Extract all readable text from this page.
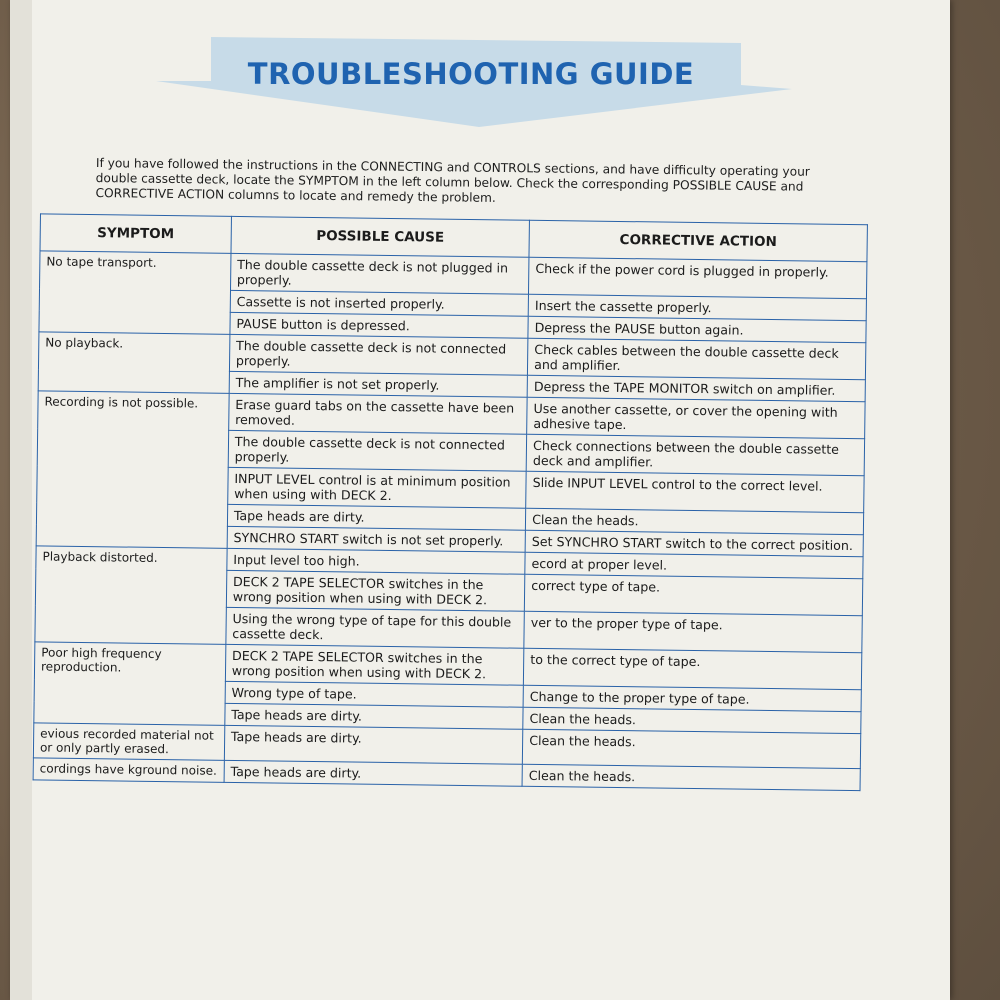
TROUBLESHOOTING GUIDE
If you have followed the instructions in the CONNECTING and CONTROLS sections, and have difficulty operating your double cassette deck, locate the SYMPTOM in the left column below. Check the corresponding POSSIBLE CAUSE and CORRECTIVE ACTION columns to locate and remedy the problem.
SYMPTOM	POSSIBLE CAUSE	CORRECTIVE ACTION
No tape transport.	The double cassette deck is not plugged in properly.	Check if the power cord is plugged in properly.
	Cassette is not inserted properly.	Insert the cassette properly.
	PAUSE button is depressed.	Depress the PAUSE button again.
No playback.	The double cassette deck is not connected properly.	Check cables between the double cassette deck and amplifier.
	The amplifier is not set properly.	Depress the TAPE MONITOR switch on amplifier.
Recording is not possible.	Erase guard tabs on the cassette have been removed.	Use another cassette, or cover the opening with adhesive tape.
	The double cassette deck is not connected properly.	Check connections between the double cassette deck and amplifier.
	INPUT LEVEL control is at minimum position when using with DECK 2.	Slide INPUT LEVEL control to the correct level.
	Tape heads are dirty.	Clean the heads.
	SYNCHRO START switch is not set properly.	Set SYNCHRO START switch to the correct position.
Playback distorted.	Input level too high.	ecord at proper level.
	DECK 2 TAPE SELECTOR switches in the wrong position when using with DECK 2.	correct type of tape.
	Using the wrong type of tape for this double cassette deck.	ver to the proper type of tape.
Poor high frequency reproduction.	DECK 2 TAPE SELECTOR switches in the wrong position when using with DECK 2.	to the correct type of tape.
	Wrong type of tape.	Change to the proper type of tape.
	Tape heads are dirty.	Clean the heads.
evious recorded material not or only partly erased.	Tape heads are dirty.	Clean the heads.
cordings have kground noise.	Tape heads are dirty.	Clean the heads.
